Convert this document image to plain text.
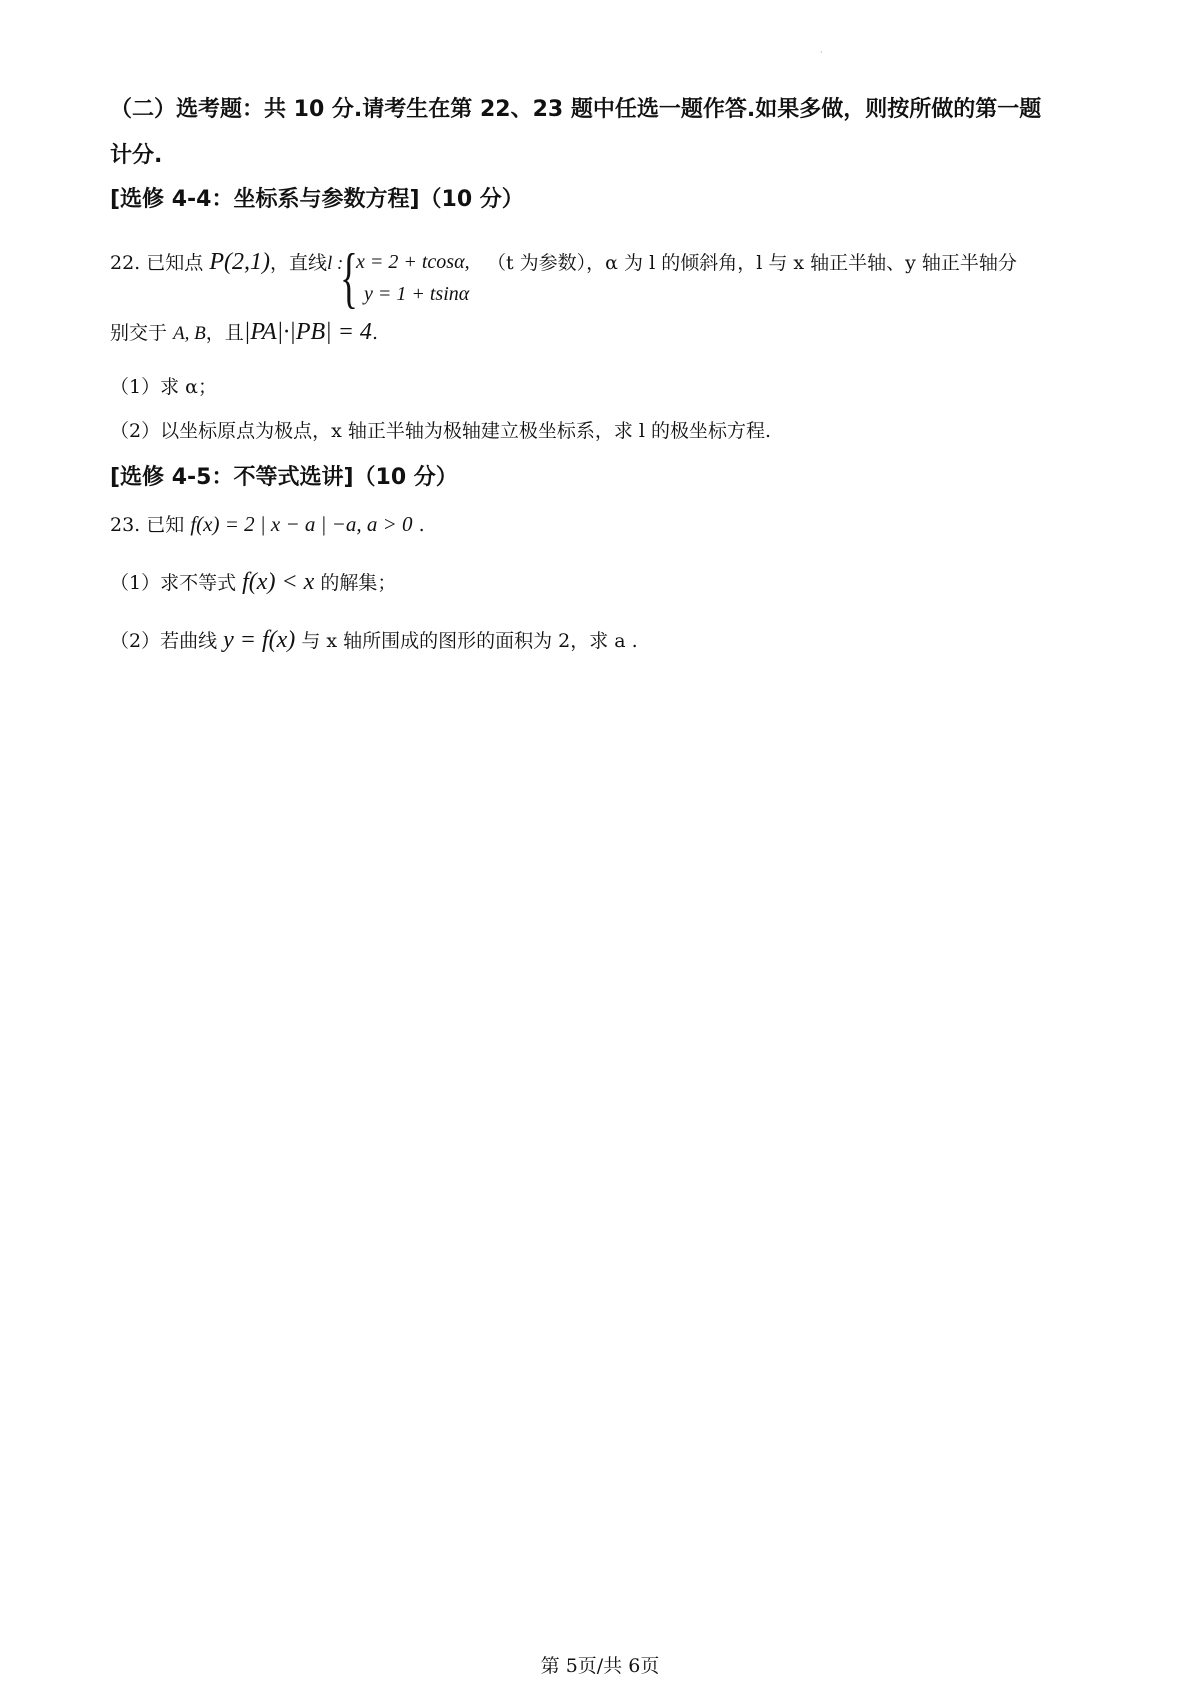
·
（二）选考题：共 10 分.请考生在第 22、23 题中任选一题作答.如果多做，则按所做的第一题
计分.
[选修 4-4：坐标系与参数方程]（10 分）
22. 已知点 P(2,1)，直线l :
{
x = 2 + tcosα,
y = 1 + tsinα
（t 为参数），α 为 l 的倾斜角，l 与 x 轴正半轴、y 轴正半轴分
别交于 A, B，且|PA|·|PB| = 4.
（1）求 α；
（2）以坐标原点为极点，x 轴正半轴为极轴建立极坐标系，求 l 的极坐标方程.
[选修 4-5：不等式选讲]（10 分）
23. 已知 f(x) = 2 | x − a | −a, a > 0 .
（1）求不等式 f(x) < x 的解集；
（2）若曲线 y = f(x) 与 x 轴所围成的图形的面积为 2，求 a .
第 5页/共 6页
